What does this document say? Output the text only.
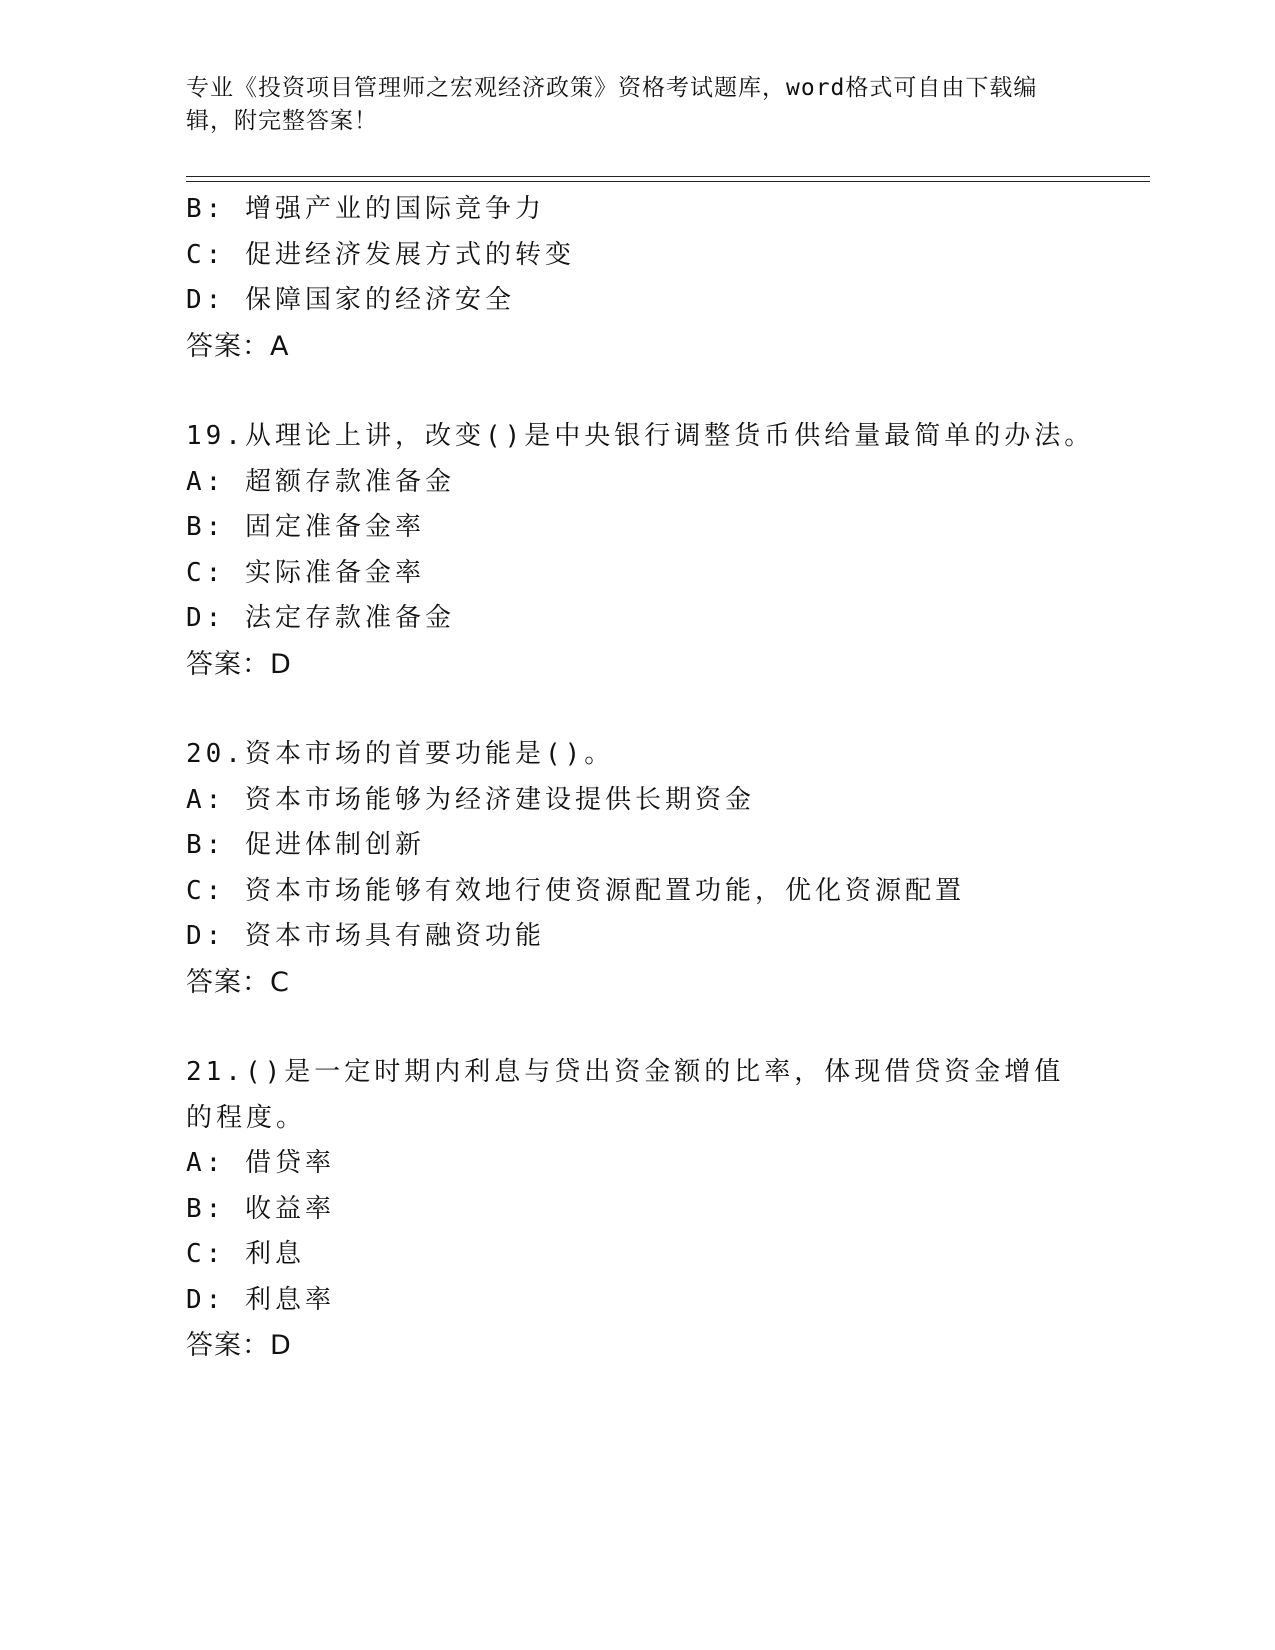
专业《投资项目管理师之宏观经济政策》资格考试题库，word格式可自由下载编辑，附完整答案！
B: 增强产业的国际竞争力
C: 促进经济发展方式的转变
D: 保障国家的经济安全
答案：A
19.从理论上讲，改变()是中央银行调整货币供给量最简单的办法。
A: 超额存款准备金
B: 固定准备金率
C: 实际准备金率
D: 法定存款准备金
答案：D
20.资本市场的首要功能是()。
A: 资本市场能够为经济建设提供长期资金
B: 促进体制创新
C: 资本市场能够有效地行使资源配置功能，优化资源配置
D: 资本市场具有融资功能
答案：C
21.()是一定时期内利息与贷出资金额的比率，体现借贷资金增值的程度。
A: 借贷率
B: 收益率
C: 利息
D: 利息率
答案：D
